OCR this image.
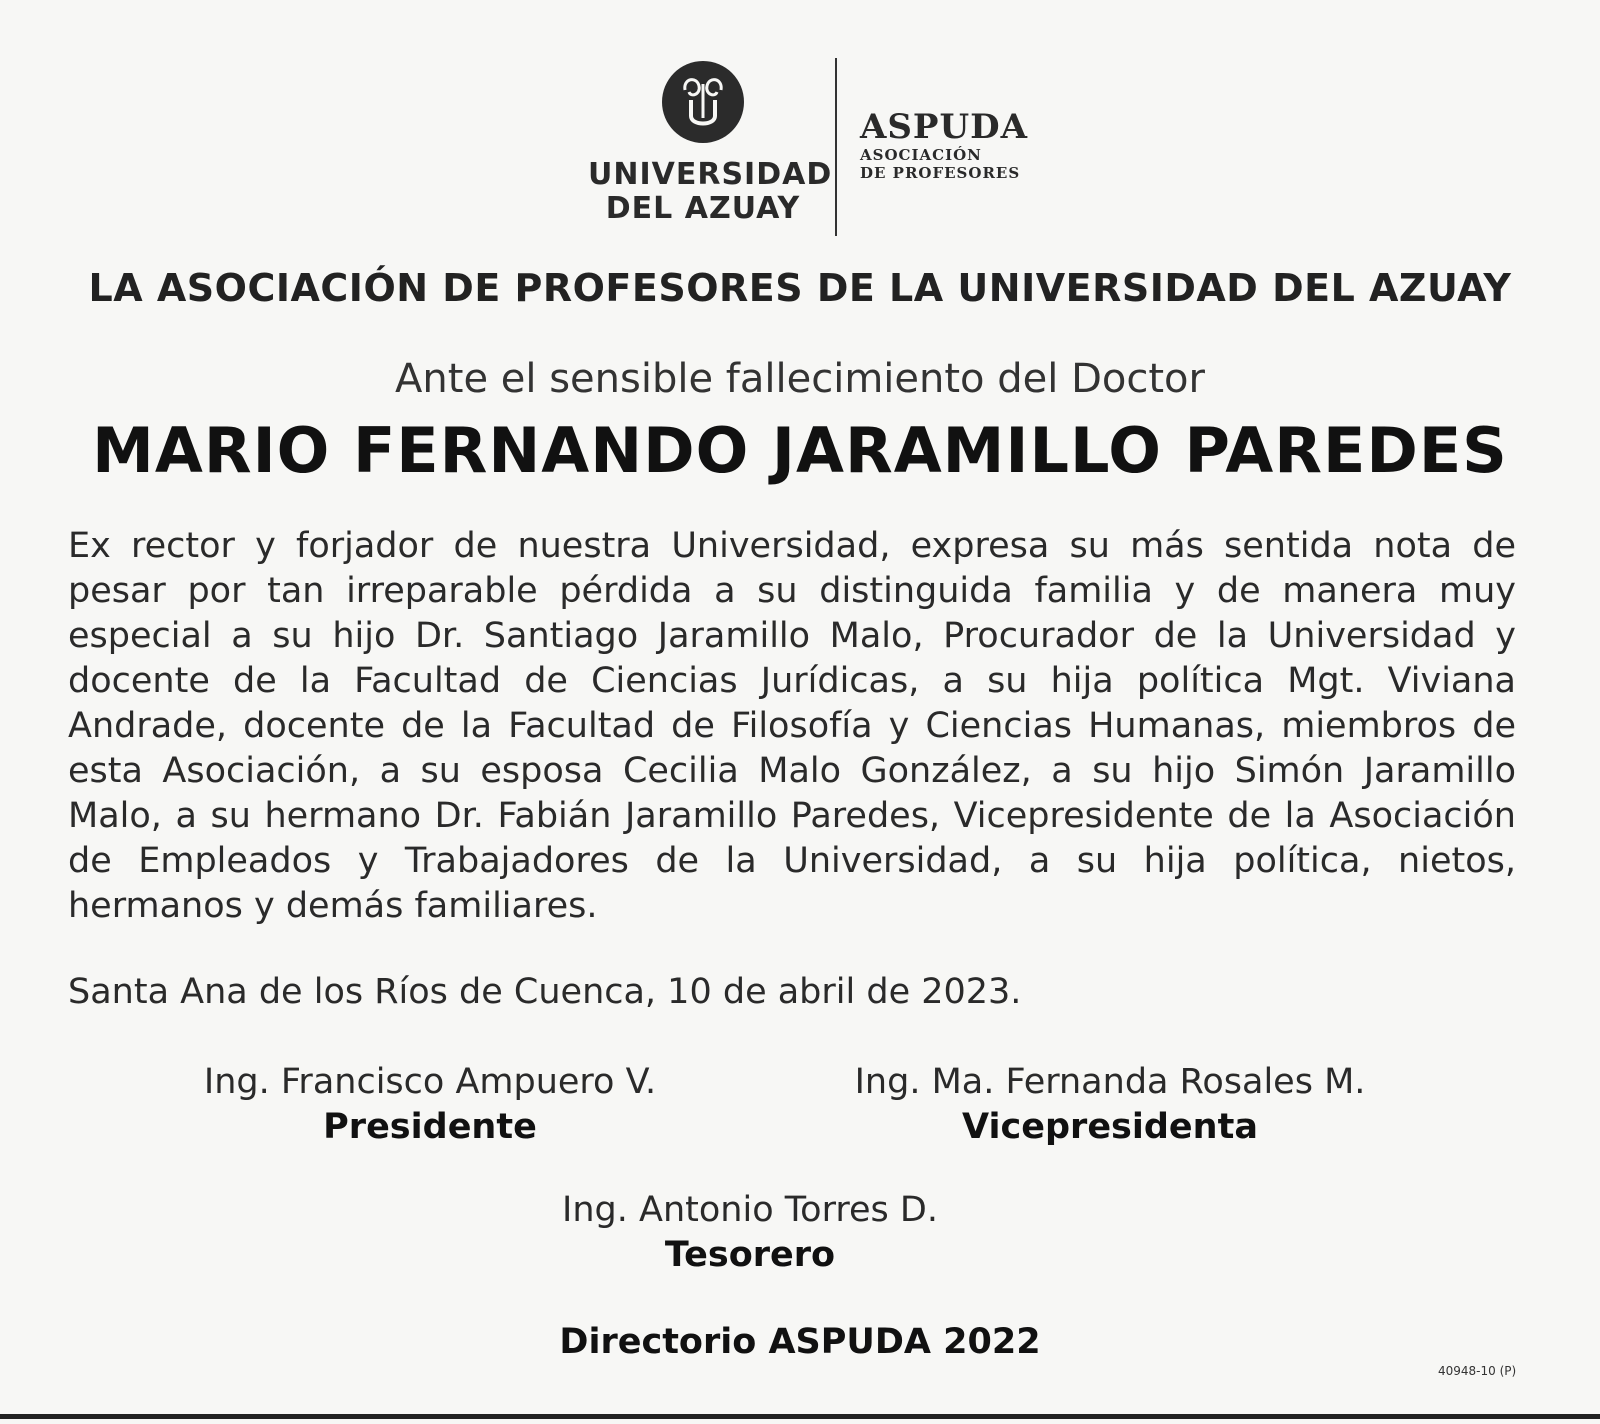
UNIVERSIDAD
DEL AZUAY
ASPUDA
ASOCIACIÓN
DE PROFESORES
LA ASOCIACIÓN DE PROFESORES DE LA UNIVERSIDAD DEL AZUAY
Ante el sensible fallecimiento del Doctor
MARIO FERNANDO JARAMILLO PAREDES
Ex rector y forjador de nuestra Universidad, expresa su más sentida nota de pesar por tan irreparable pérdida a su distinguida familia y de manera muy especial a su hijo Dr. Santiago Jaramillo Malo, Procurador de la Universidad y docente de la Facultad de Ciencias Jurídicas, a su hija política Mgt. Viviana Andrade, docente de la Facultad de Filosofía y Ciencias Humanas, miembros de esta Asociación, a su esposa Cecilia Malo González, a su hijo Simón Jaramillo Malo, a su hermano Dr. Fabián Jaramillo Paredes, Vicepresidente de la Asociación de Empleados y Trabajadores de la Universidad, a su hija política, nietos, hermanos y demás familiares.
Santa Ana de los Ríos de Cuenca, 10 de abril de 2023.
Ing. Francisco Ampuero V.
Presidente
Ing. Ma. Fernanda Rosales M.
Vicepresidenta
Ing. Antonio Torres D.
Tesorero
Directorio ASPUDA 2022
40948-10 (P)
